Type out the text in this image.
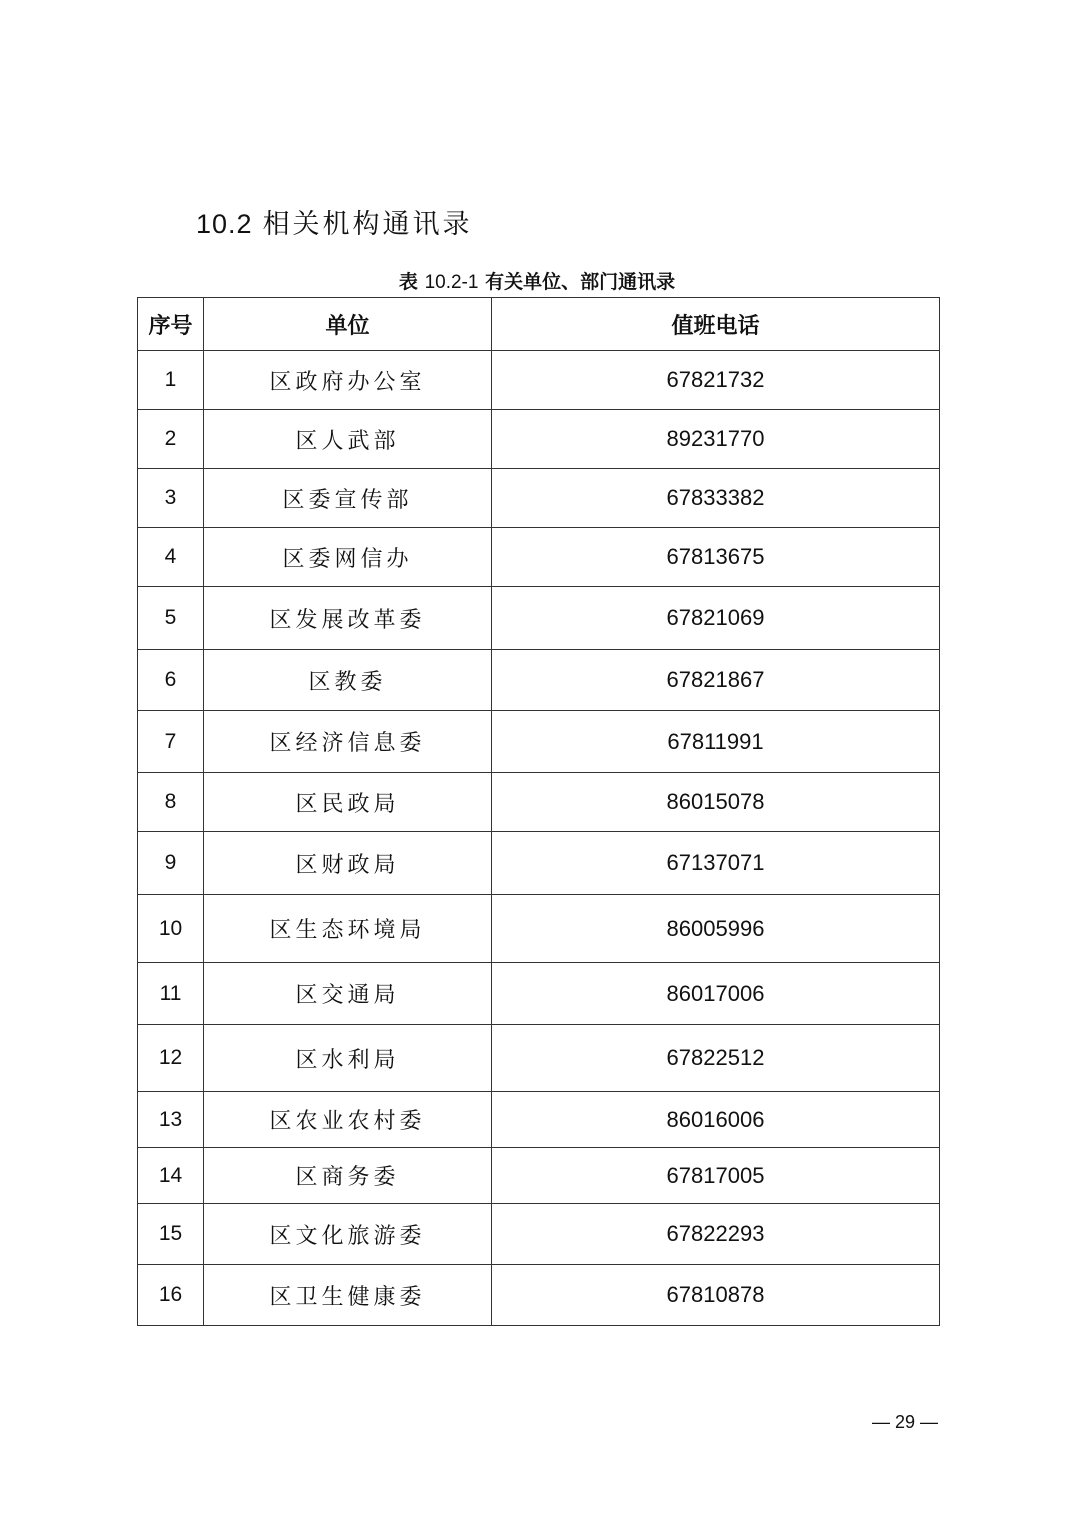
10.2 相关机构通讯录
表 10.2-1 有关单位、部门通讯录
序号	单位	值班电话
1	区政府办公室	67821732
2	区人武部	89231770
3	区委宣传部	67833382
4	区委网信办	67813675
5	区发展改革委	67821069
6	区教委	67821867
7	区经济信息委	67811991
8	区民政局	86015078
9	区财政局	67137071
10	区生态环境局	86005996
11	区交通局	86017006
12	区水利局	67822512
13	区农业农村委	86016006
14	区商务委	67817005
15	区文化旅游委	67822293
16	区卫生健康委	67810878
— 29 —
